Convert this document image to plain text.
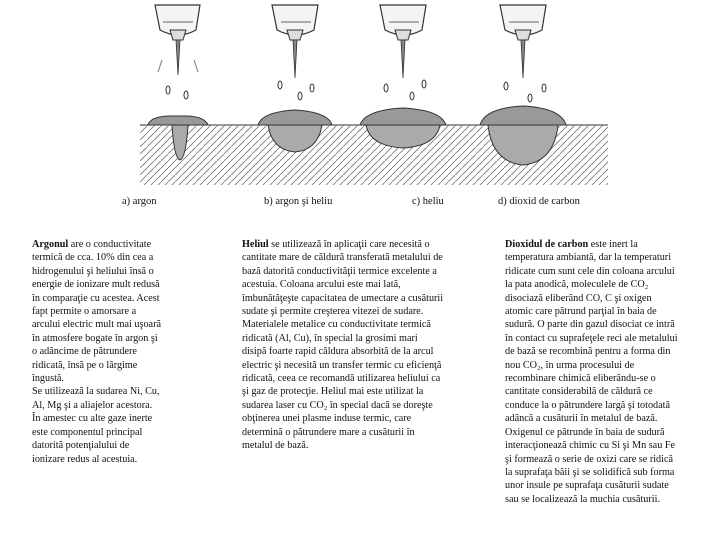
a) argon	b) argon şi heliu	c) heliu	d) dioxid de carbon

Argonul are o conductivitate

termică de cca. 10% din cea a

hidrogenului şi heliului însă o

energie de ionizare mult redusă

în comparaţie cu acestea. Acest

fapt permite o amorsare a

arcului electric mult mai uşoară

în atmosfere bogate în argon şi

o adâncime de pătrundere

ridicată, însă pe o lărgime

îngustă.

Se utilizează la sudarea Ni, Cu,

Al, Mg şi a aliajelor acestora.

În amestec cu alte gaze inerte

este componentul principal

datorită potenţialului de

ionizare redus al acestuia.

Heliul se utilizează în aplicaţii care necesită o

cantitate mare de căldură transferată metalului de

bază datorită conductivităţii termice excelente a

acestuia. Coloana arcului este mai lată,

îmbunătăţeşte capacitatea de umectare a cusăturii

sudate şi permite creşterea vitezei de sudare.

Materialele metalice cu conductivitate termică

ridicată (Al, Cu), în special la grosimi mari

disipă foarte rapid căldura absorbită de la arcul

electric şi necesită un transfer termic cu eficienţă

ridicată, ceea ce recomandă utilizarea heliului ca

şi gaz de protecţie. Heliul mai este utilizat la

sudarea laser cu CO₂ în special dacă se doreşte

obţinerea unei plasme induse termic, care

determină o pătrundere mare a cusăturii în

metalul de bază.

Dioxidul de carbon este inert la

temperatura ambiantă, dar la temperaturi

ridicate cum sunt cele din coloana arcului

la pata anodică, moleculele de CO₂

disociază eliberând CO, C şi oxigen

atomic care pătrund parţial în baia de

sudură. O parte din gazul disociat ce intră

în contact cu suprafeţele reci ale metalului

de bază se recombină pentru a forma din

nou CO₂, în urma procesului de

recombinare chimică eliberându-se o

cantitate considerabilă de căldură ce

conduce la o pătrundere largă şi totodată

adâncă a cusăturii în metalul de bază.

Oxigenul ce pătrunde în baia de sudură

interacţionează chimic cu Si şi Mn sau Fe

şi formează o serie de oxizi care se ridică

la suprafaţa băii şi se solidifică sub forma

unor insule pe suprafaţa cusăturii sudate

sau se localizează la muchia cusăturii.
